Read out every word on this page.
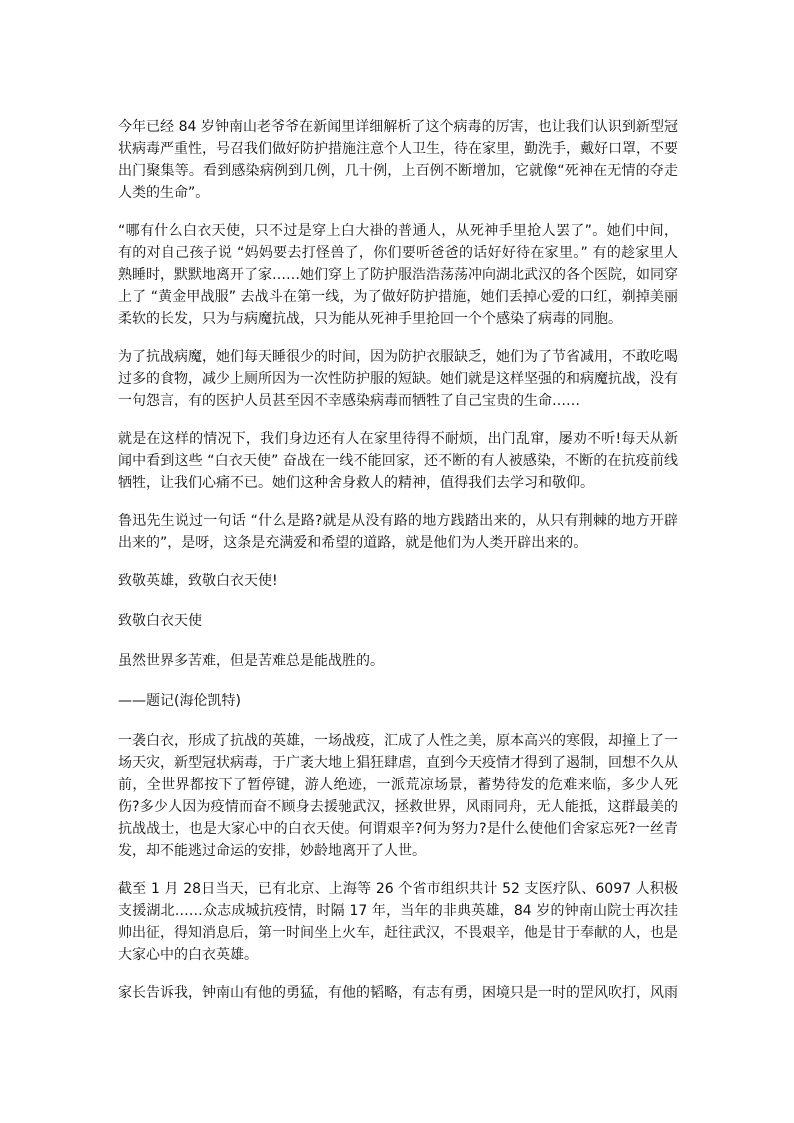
今年已经 84 岁钟南山老爷爷在新闻里详细解析了这个病毒的厉害，也让我们认识到新型冠状病毒严重性，号召我们做好防护措施注意个人卫生，待在家里，勤洗手，戴好口罩，不要出门聚集等。看到感染病例到几例，几十例，上百例不断增加，它就像“死神在无情的夺走人类的生命”。

“哪有什么白衣天使，只不过是穿上白大褂的普通人，从死神手里抢人罢了”。她们中间，有的对自己孩子说 “妈妈要去打怪兽了，你们要听爸爸的话好好待在家里。” 有的趁家里人熟睡时，默默地离开了家……她们穿上了防护服浩浩荡荡冲向湖北武汉的各个医院，如同穿上了 “黄金甲战服” 去战斗在第一线，为了做好防护措施，她们丢掉心爱的口红，剃掉美丽柔软的长发，只为与病魔抗战，只为能从死神手里抢回一个个感染了病毒的同胞。

为了抗战病魔，她们每天睡很少的时间，因为防护衣服缺乏，她们为了节省减用，不敢吃喝过多的食物，减少上厕所因为一次性防护服的短缺。她们就是这样坚强的和病魔抗战，没有一句怨言，有的医护人员甚至因不幸感染病毒而牺牲了自己宝贵的生命……

就是在这样的情况下，我们身边还有人在家里待得不耐烦，出门乱窜，屡劝不听!每天从新闻中看到这些 “白衣天使” 奋战在一线不能回家，还不断的有人被感染，不断的在抗疫前线牺牲，让我们心痛不已。她们这种舍身救人的精神，值得我们去学习和敬仰。

鲁迅先生说过一句话 “什么是路?就是从没有路的地方践踏出来的，从只有荆棘的地方开辟出来的”，是呀，这条是充满爱和希望的道路，就是他们为人类开辟出来的。

致敬英雄，致敬白衣天使!

致敬白衣天使

虽然世界多苦难，但是苦难总是能战胜的。

——题记(海伦凯特)

一袭白衣，形成了抗战的英雄，一场战疫，汇成了人性之美，原本高兴的寒假，却撞上了一场天灾，新型冠状病毒，于广袤大地上猖狂肆虐，直到今天疫情才得到了遏制，回想不久从前，全世界都按下了暂停键，游人绝迹，一派荒凉场景，蓄势待发的危难来临，多少人死伤?多少人因为疫情而奋不顾身去援驰武汉，拯救世界，风雨同舟，无人能抵，这群最美的抗战战士，也是大家心中的白衣天使。何谓艰辛?何为努力?是什么使他们舍家忘死?一丝青发，却不能逃过命运的安排，妙龄地离开了人世。

截至 1 月 28日当天，已有北京、上海等 26 个省市组织共计 52 支医疗队、6097 人积极支援湖北……众志成城抗疫情，时隔 17 年，当年的非典英雄，84 岁的钟南山院士再次挂帅出征，得知消息后，第一时间坐上火车，赶往武汉，不畏艰辛，他是甘于奉献的人，也是大家心中的白衣英雄。

家长告诉我，钟南山有他的勇猛，有他的韬略，有志有勇，困境只是一时的罡风吹打，风雨
